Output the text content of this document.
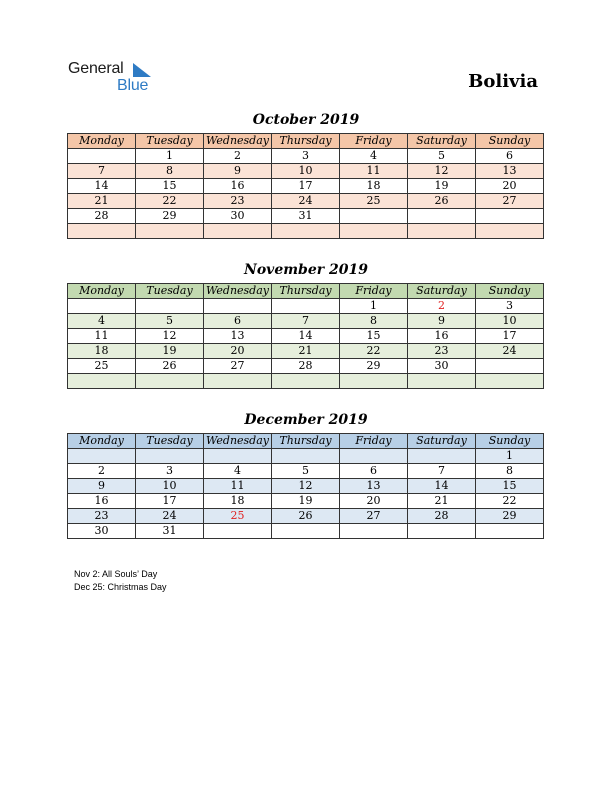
General
Blue	Bolivia
October 2019
Monday	Tuesday	Wednesday	Thursday	Friday	Saturday	Sunday
	1	2	3	4	5	6
7	8	9	10	11	12	13
14	15	16	17	18	19	20
21	22	23	24	25	26	27
28	29	30	31			

November 2019
Monday	Tuesday	Wednesday	Thursday	Friday	Saturday	Sunday
				1	2	3
4	5	6	7	8	9	10
11	12	13	14	15	16	17
18	19	20	21	22	23	24
25	26	27	28	29	30	

December 2019
Monday	Tuesday	Wednesday	Thursday	Friday	Saturday	Sunday
						1
2	3	4	5	6	7	8
9	10	11	12	13	14	15
16	17	18	19	20	21	22
23	24	25	26	27	28	29
30	31					
Nov 2: All Souls’ Day
Dec 25: Christmas Day
